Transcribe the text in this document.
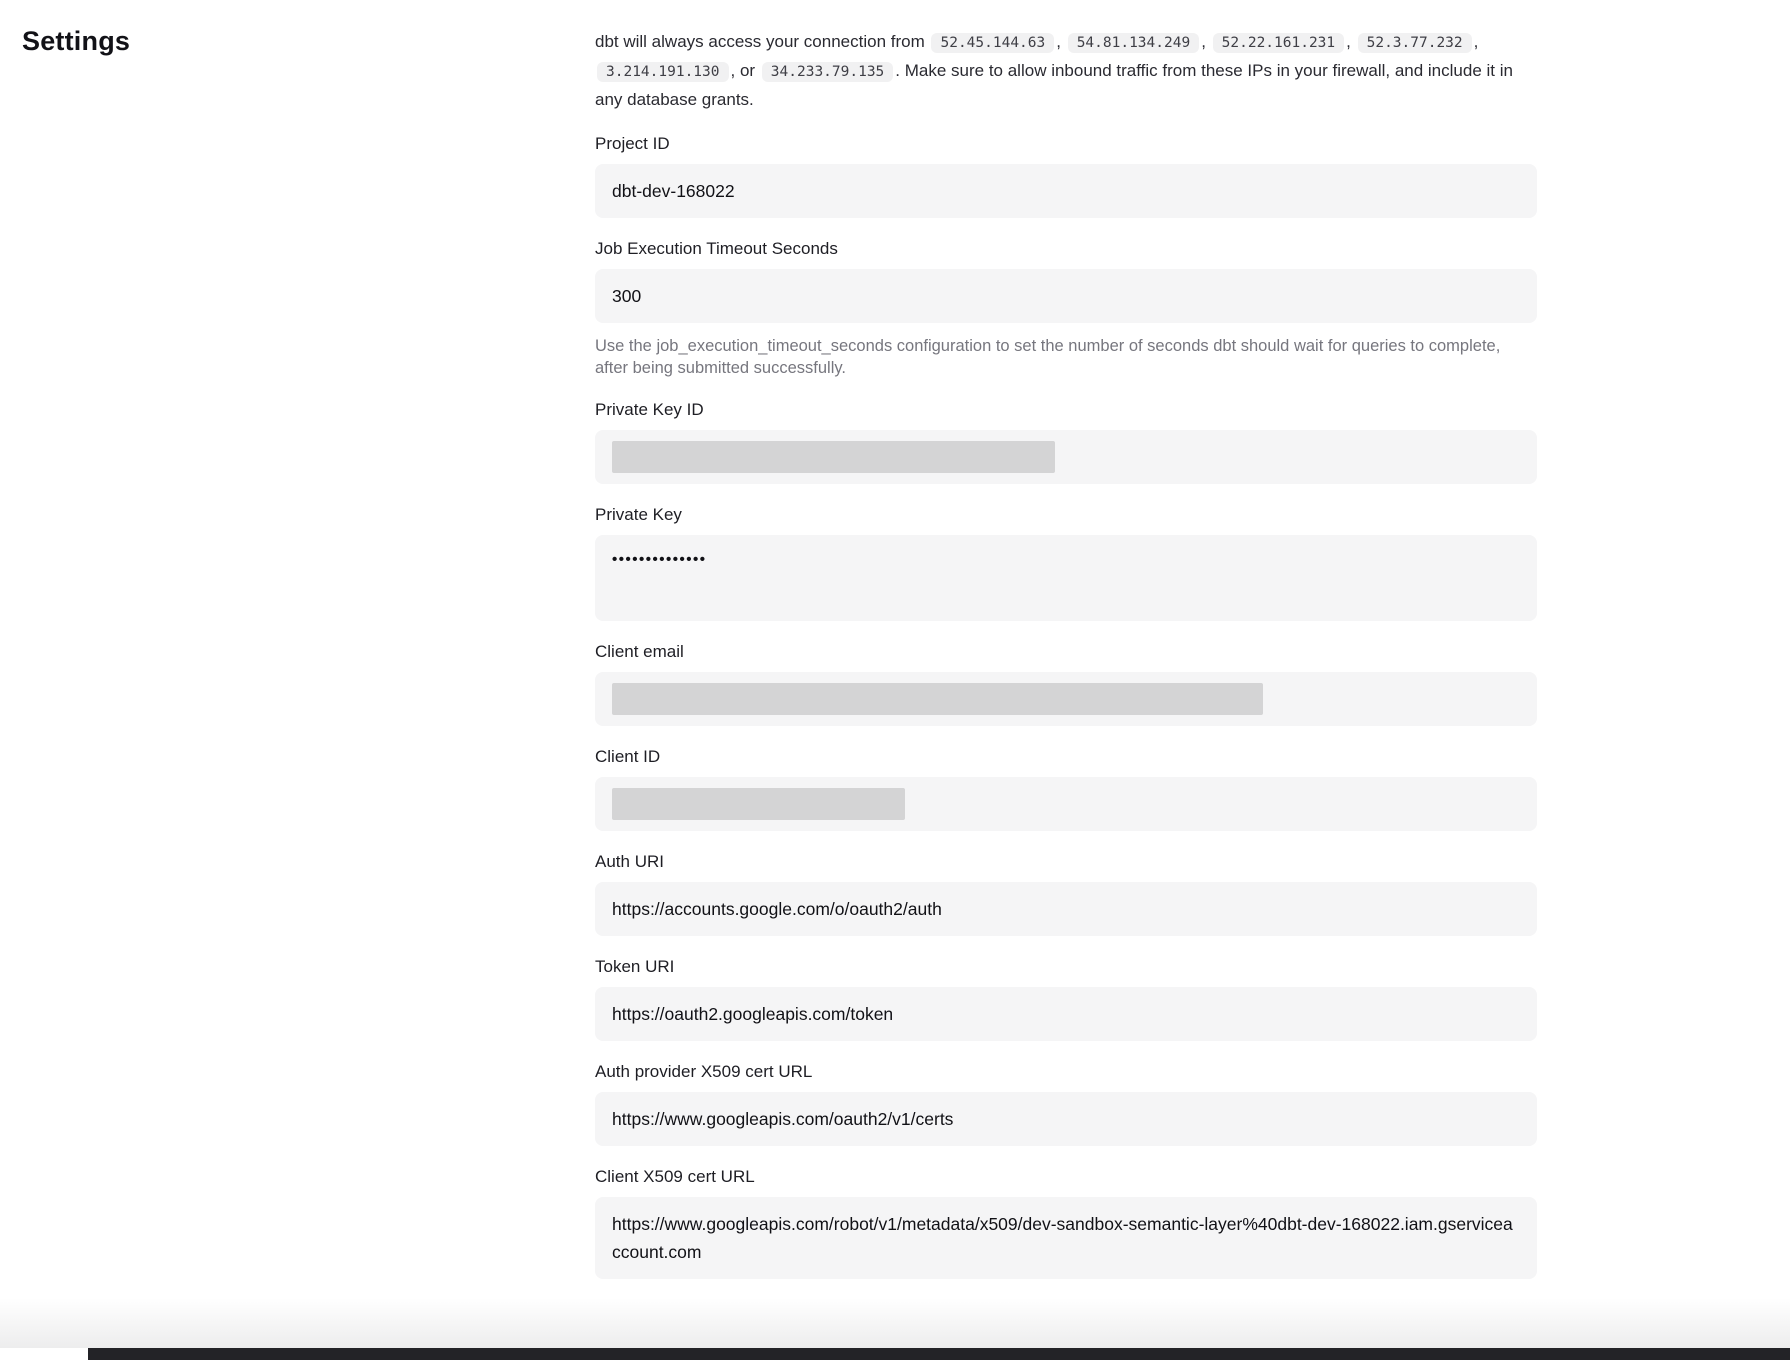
Settings	dbt will always access your connection from 52.45.144.63 , 54.81.134.249 , 52.22.161.231 , 52.3.77.232 , 3.214.191.130 , or 34.233.79.135 . Make sure to allow inbound traffic from these IPs in your firewall, and include it in any database grants.

Project ID
dbt-dev-168022
Job Execution Timeout Seconds
300
Use the job_execution_timeout_seconds configuration to set the number of seconds dbt should wait for queries to complete, after being submitted successfully.
Private Key ID
Private Key
••••••••••••••
Client email
Client ID
Auth URI
https://accounts.google.com/o/oauth2/auth
Token URI
https://oauth2.googleapis.com/token
Auth provider X509 cert URL
https://www.googleapis.com/oauth2/v1/certs
Client X509 cert URL
https://www.googleapis.com/robot/v1/metadata/x509/dev-sandbox-semantic-layer%40dbt-dev-168022.iam.gserviceaccount.com
